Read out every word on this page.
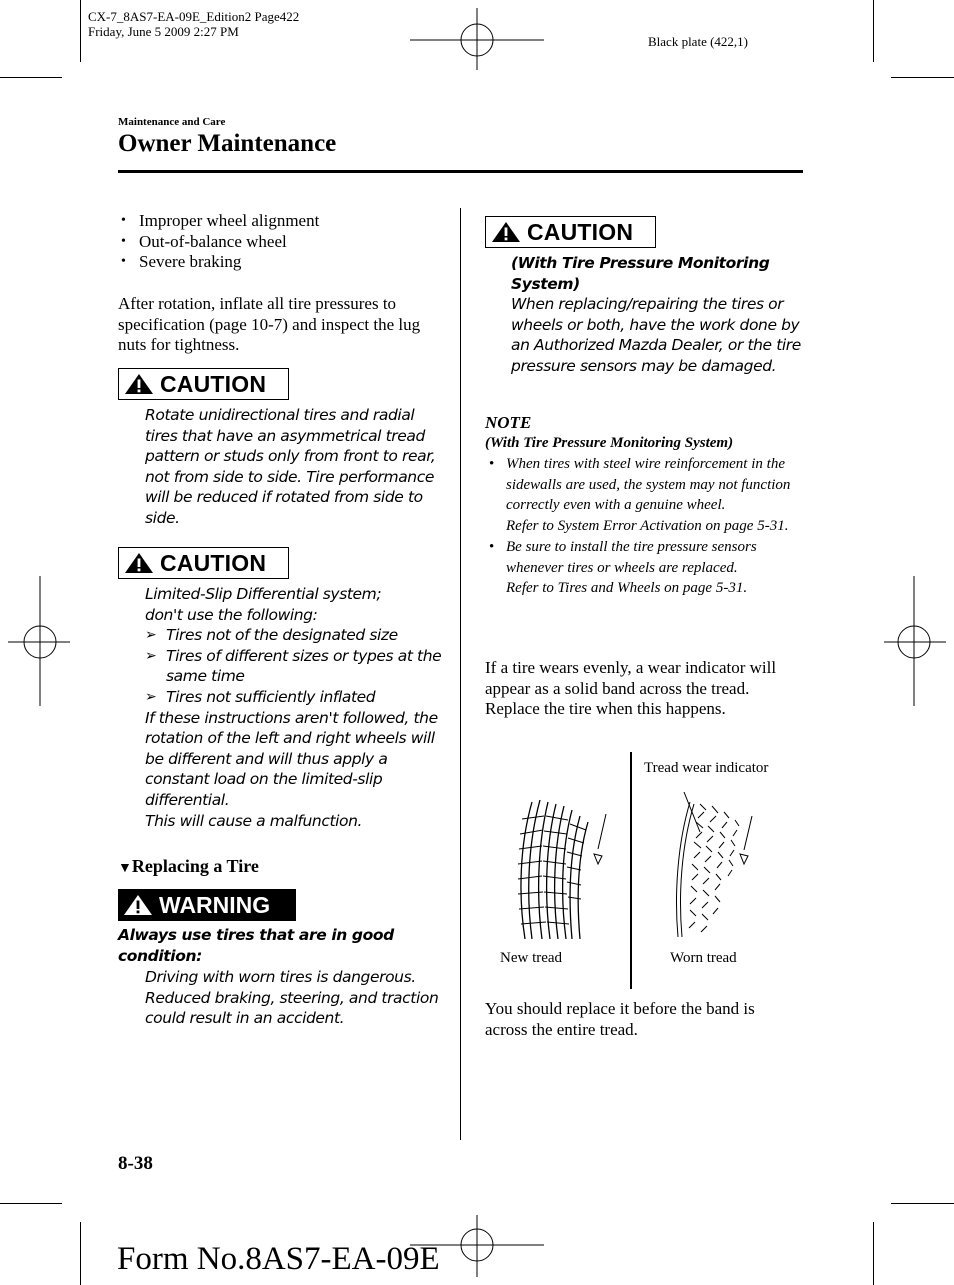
CX-7_8AS7-EA-09E_Edition2 Page422
Friday, June 5 2009 2:27 PM
Black plate (422,1)
Maintenance and Care
Owner Maintenance
• Improper wheel alignment
• Out-of-balance wheel
• Severe braking

After rotation, inflate all tire pressures to specification (page 10-7) and inspect the lug nuts for tightness.

CAUTION

Rotate unidirectional tires and radial tires that have an asymmetrical tread pattern or studs only from front to rear, not from side to side. Tire performance will be reduced if rotated from side to side.

CAUTION

Limited-Slip Differential system; don't use the following:

➢ Tires not of the designated size
➢ Tires of different sizes or types at the same time
➢ Tires not sufficiently inflated

If these instructions aren't followed, the rotation of the left and right wheels will be different and will thus apply a constant load on the limited-slip differential.

This will cause a malfunction.

▼Replacing a Tire
WARNING

Always use tires that are in good condition:

Driving with worn tires is dangerous. Reduced braking, steering, and traction could result in an accident.

CAUTION

(With Tire Pressure Monitoring System)

When replacing/repairing the tires or wheels or both, have the work done by an Authorized Mazda Dealer, or the tire pressure sensors may be damaged.

NOTE
(With Tire Pressure Monitoring System)
• When tires with steel wire reinforcement in the sidewalls are used, the system may not function correctly even with a genuine wheel.
Refer to System Error Activation on page 5-31.
• Be sure to install the tire pressure sensors whenever tires or wheels are replaced.
Refer to Tires and Wheels on page 5-31.

If a tire wears evenly, a wear indicator will appear as a solid band across the tread.

Replace the tire when this happens.

Tread wear indicator
New tread	Worn tread

You should replace it before the band is across the entire tread.

8-38
Form No.8AS7-EA-09E
